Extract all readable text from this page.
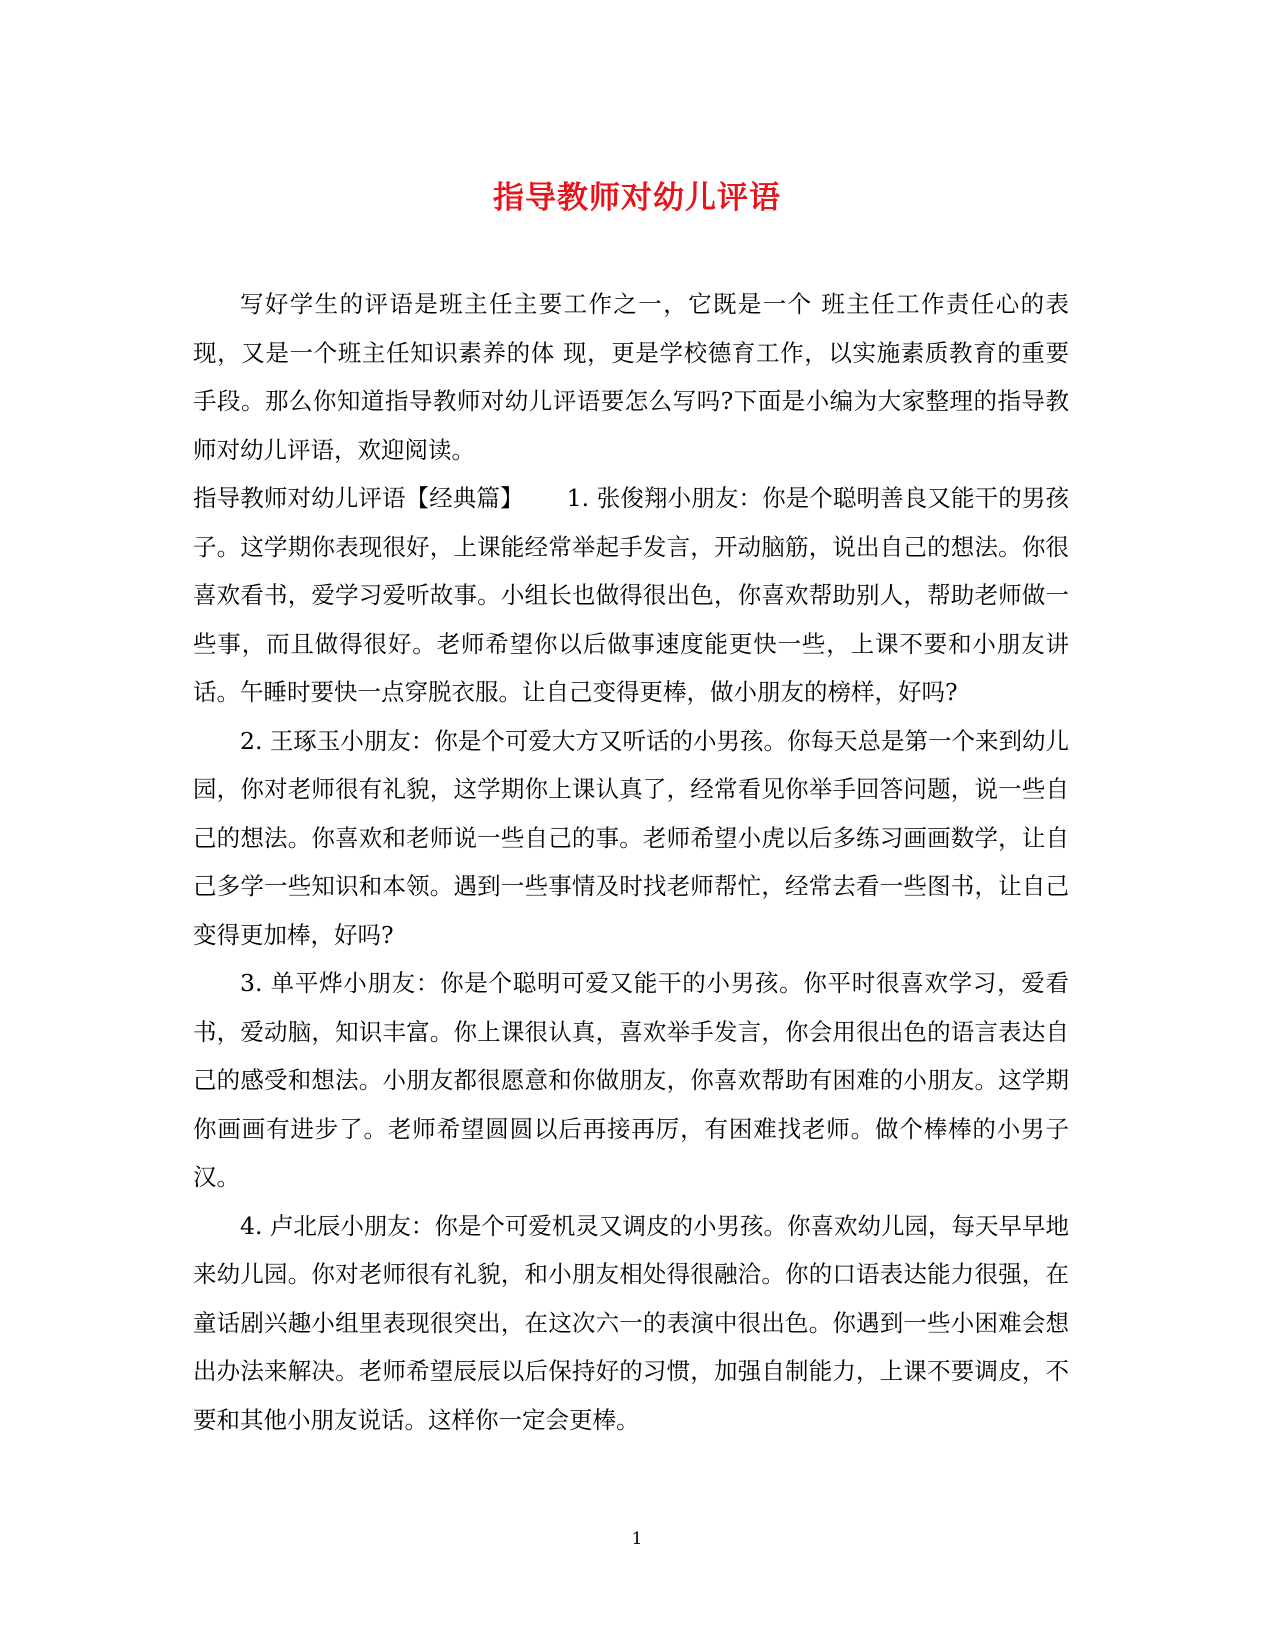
指导教师对幼儿评语

写好学生的评语是班主任主要工作之一，它既是一个 班主任工作责任心的表现，又是一个班主任知识素养的体 现，更是学校德育工作，以实施素质教育的重要手段。那么你知道指导教师对幼儿评语要怎么写吗?下面是小编为大家整理的指导教师对幼儿评语，欢迎阅读。

指导教师对幼儿评语【经典篇】　　 1. 张俊翔小朋友：你是个聪明善良又能干的男孩子。这学期你表现很好，上课能经常举起手发言，开动脑筋，说出自己的想法。你很喜欢看书，爱学习爱听故事。小组长也做得很出色，你喜欢帮助别人，帮助老师做一些事，而且做得很好。老师希望你以后做事速度能更快一些，上课不要和小朋友讲话。午睡时要快一点穿脱衣服。让自己变得更棒，做小朋友的榜样，好吗?

2. 王琢玉小朋友：你是个可爱大方又听话的小男孩。你每天总是第一个来到幼儿园，你对老师很有礼貌，这学期你上课认真了，经常看见你举手回答问题，说一些自己的想法。你喜欢和老师说一些自己的事。老师希望小虎以后多练习画画数学，让自己多学一些知识和本领。遇到一些事情及时找老师帮忙，经常去看一些图书，让自己变得更加棒，好吗?

3. 单平烨小朋友：你是个聪明可爱又能干的小男孩。你平时很喜欢学习，爱看书，爱动脑，知识丰富。你上课很认真，喜欢举手发言，你会用很出色的语言表达自己的感受和想法。小朋友都很愿意和你做朋友，你喜欢帮助有困难的小朋友。这学期你画画有进步了。老师希望圆圆以后再接再厉，有困难找老师。做个棒棒的小男子汉。

4. 卢北辰小朋友：你是个可爱机灵又调皮的小男孩。你喜欢幼儿园，每天早早地来幼儿园。你对老师很有礼貌，和小朋友相处得很融洽。你的口语表达能力很强，在童话剧兴趣小组里表现很突出，在这次六一的表演中很出色。你遇到一些小困难会想出办法来解决。老师希望辰辰以后保持好的习惯，加强自制能力，上课不要调皮，不要和其他小朋友说话。这样你一定会更棒。

1
